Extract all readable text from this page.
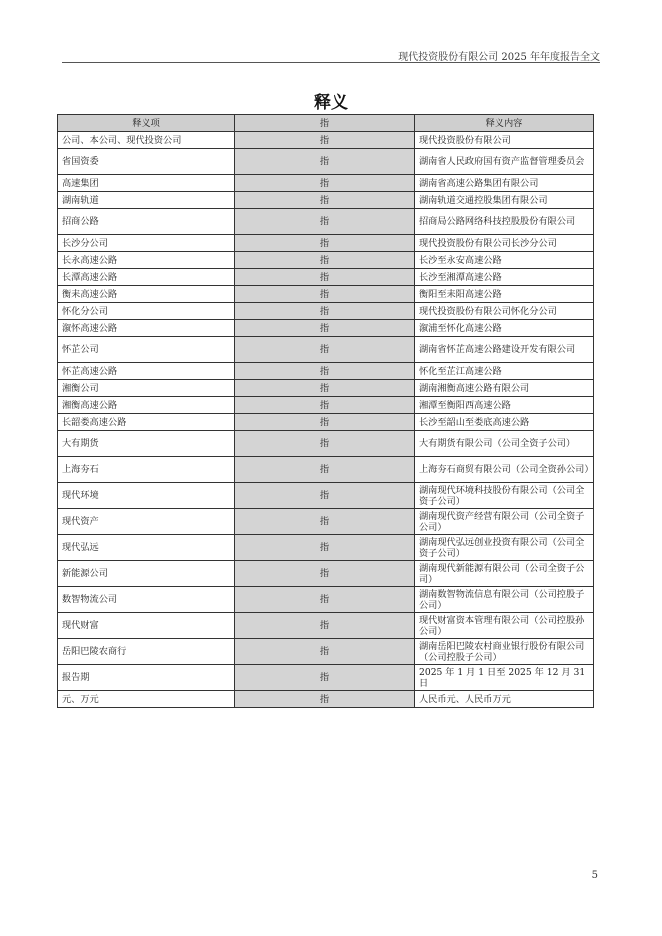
现代投资股份有限公司 2025 年年度报告全文
释义
释义项	指	释义内容
公司、本公司、现代投资公司	指	现代投资股份有限公司
省国资委	指	湖南省人民政府国有资产监督管理委员会
高速集团	指	湖南省高速公路集团有限公司
湖南轨道	指	湖南轨道交通控股集团有限公司
招商公路	指	招商局公路网络科技控股股份有限公司
长沙分公司	指	现代投资股份有限公司长沙分公司
长永高速公路	指	长沙至永安高速公路
长潭高速公路	指	长沙至湘潭高速公路
衡耒高速公路	指	衡阳至耒阳高速公路
怀化分公司	指	现代投资股份有限公司怀化分公司
溆怀高速公路	指	溆浦至怀化高速公路
怀芷公司	指	湖南省怀芷高速公路建设开发有限公司
怀芷高速公路	指	怀化至芷江高速公路
湘衡公司	指	湖南湘衡高速公路有限公司
湘衡高速公路	指	湘潭至衡阳西高速公路
长韶娄高速公路	指	长沙至韶山至娄底高速公路
大有期货	指	大有期货有限公司（公司全资子公司）
上海夯石	指	上海夯石商贸有限公司（公司全资孙公司）
现代环境	指	湖南现代环境科技股份有限公司（公司全资子公司）
现代资产	指	湖南现代资产经营有限公司（公司全资子公司）
现代弘远	指	湖南现代弘远创业投资有限公司（公司全资子公司）
新能源公司	指	湖南现代新能源有限公司（公司全资子公司）
数智物流公司	指	湖南数智物流信息有限公司（公司控股子公司）
现代财富	指	现代财富资本管理有限公司（公司控股孙公司）
岳阳巴陵农商行	指	湖南岳阳巴陵农村商业银行股份有限公司（公司控股子公司）
报告期	指	2025 年 1 月 1 日至 2025 年 12 月 31 日
元、万元	指	人民币元、人民币万元
5
